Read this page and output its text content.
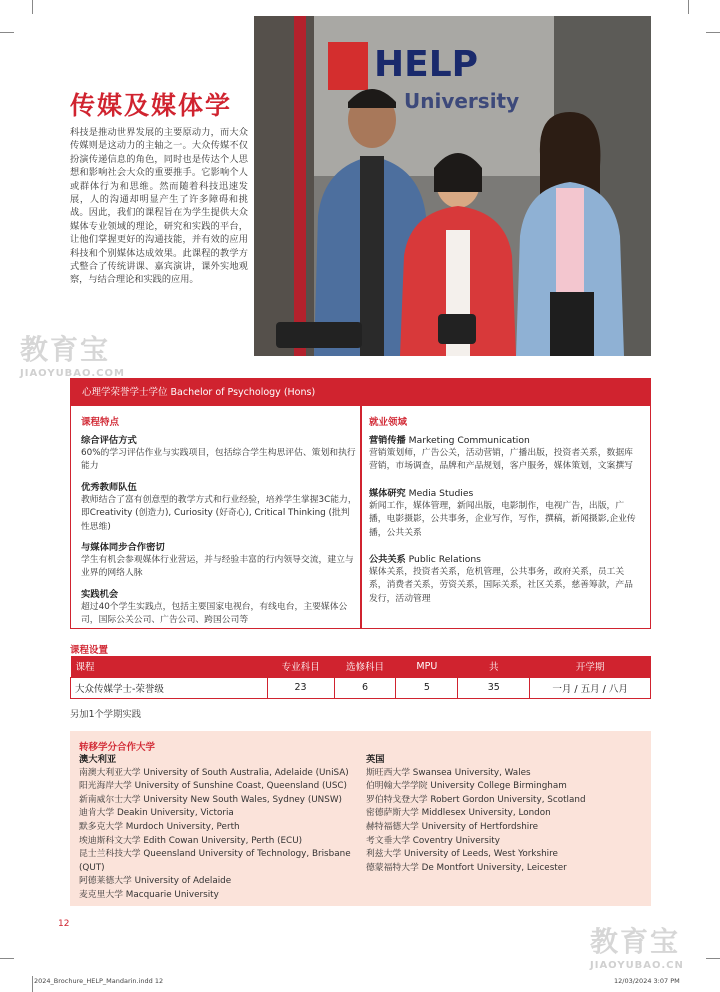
传媒及媒体学

科技是推动世界发展的主要原动力，而大众传媒则是这动力的主轴之一。大众传媒不仅扮演传递信息的角色，同时也是传达个人思想和影响社会大众的重要推手。它影响个人或群体行为和思维。然而随着科技迅速发展，人的沟通却明显产生了许多障碍和挑战。因此，我们的课程旨在为学生提供大众媒体专业领域的理论，研究和实践的平台，让他们掌握更好的沟通技能，并有效的应用科技和个别媒体达成效果。此课程的教学方式整合了传统讲课、嘉宾演讲，课外实地观察，与结合理论和实践的应用。

HELP
University
教育宝
JIAOYUBAO.COM
教育宝
JIAOYUBAO.CN
心理学荣誉学士学位 Bachelor of Psychology (Hons)
课程特点
综合评估方式
60%的学习评估作业与实践项目，包括综合学生构思评估、策划和执行能力
优秀教师队伍
教师结合了富有创意型的教学方式和行业经验，培养学生掌握3C能力，即Creativity (创造力), Curiosity (好奇心), Critical Thinking (批判性思维)
与媒体同步合作密切
学生有机会参观媒体行业营运，并与经验丰富的行内领导交流，建立与业界的网络人脉
实践机会
超过40个学生实践点，包括主要国家电视台，有线电台，主要媒体公司，国际公关公司、广告公司、跨国公司等
就业领域
营销传播 Marketing Communication
营销策划师，广告公关，活动营销，广播出版，投资者关系，数据库营销，市场调查，品牌和产品规划，客户服务，媒体策划，文案撰写
媒体研究 Media Studies
新闻工作，媒体管理，新闻出版，电影制作，电视广告，出版，广播，电影摄影，公共事务，企业写作，写作，撰稿，新闻摄影,企业传播，公共关系
公共关系 Public Relations
媒体关系，投资者关系，危机管理，公共事务，政府关系，员工关系，消费者关系，劳资关系，国际关系，社区关系，慈善筹款，产品发行，活动管理
课程设置
课程	专业科目	选修科目	MPU	共	开学期
大众传媒学士-荣誉级	23	6	5	35	一月 / 五月 / 八月
另加1个学期实践
转移学分合作大学
澳大利亚
南澳大利亚大学 University of South Australia, Adelaide (UniSA)
阳光海岸大学 University of Sunshine Coast, Queensland (USC)
新南威尔士大学 University New South Wales, Sydney (UNSW)
迪肯大学 Deakin University, Victoria
默多克大学 Murdoch University, Perth
埃迪斯科文大学 Edith Cowan University, Perth (ECU)
昆士兰科技大学 Queensland University of Technology, Brisbane (QUT)
阿德莱德大学 University of Adelaide
麦克里大学 Macquarie University
英国
斯旺西大学 Swansea University, Wales
伯明翰大学学院 University College Birmingham
罗伯特戈登大学 Robert Gordon University, Scotland
密德萨斯大学 Middlesex University, London
赫特福德大学 University of Hertfordshire
考文垂大学 Coventry University
利兹大学 University of Leeds, West Yorkshire
德蒙福特大学 De Montfort University, Leicester
12
2024_Brochure_HELP_Mandarin.indd 12	12/03/2024 3:07 PM
